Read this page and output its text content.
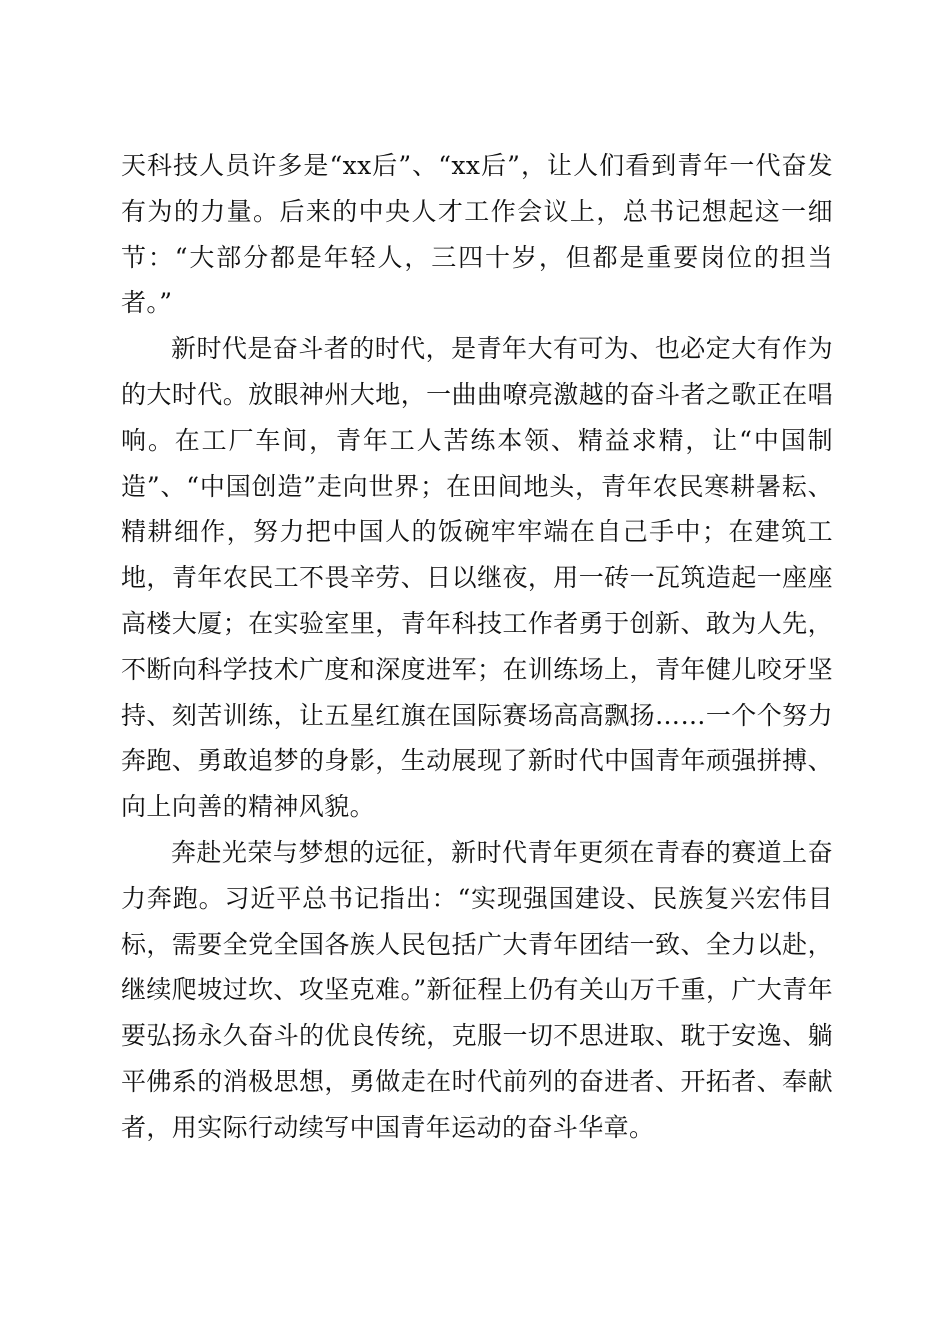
天科技人员许多是“xx后”、“xx后”，让人们看到青年一代奋发有为的力量。后来的中央人才工作会议上，总书记想起这一细节：“大部分都是年轻人，三四十岁，但都是重要岗位的担当者。”

新时代是奋斗者的时代，是青年大有可为、也必定大有作为的大时代。放眼神州大地，一曲曲嘹亮激越的奋斗者之歌正在唱响。在工厂车间，青年工人苦练本领、精益求精，让“中国制造”、“中国创造”走向世界；在田间地头，青年农民寒耕暑耘、精耕细作，努力把中国人的饭碗牢牢端在自己手中；在建筑工地，青年农民工不畏辛劳、日以继夜，用一砖一瓦筑造起一座座高楼大厦；在实验室里，青年科技工作者勇于创新、敢为人先，不断向科学技术广度和深度进军；在训练场上，青年健儿咬牙坚持、刻苦训练，让五星红旗在国际赛场高高飘扬……一个个努力奔跑、勇敢追梦的身影，生动展现了新时代中国青年顽强拼搏、向上向善的精神风貌。

奔赴光荣与梦想的远征，新时代青年更须在青春的赛道上奋力奔跑。习近平总书记指出：“实现强国建设、民族复兴宏伟目标，需要全党全国各族人民包括广大青年团结一致、全力以赴，继续爬坡过坎、攻坚克难。”新征程上仍有关山万千重，广大青年要弘扬永久奋斗的优良传统，克服一切不思进取、耽于安逸、躺平佛系的消极思想，勇做走在时代前列的奋进者、开拓者、奉献者，用实际行动续写中国青年运动的奋斗华章。
